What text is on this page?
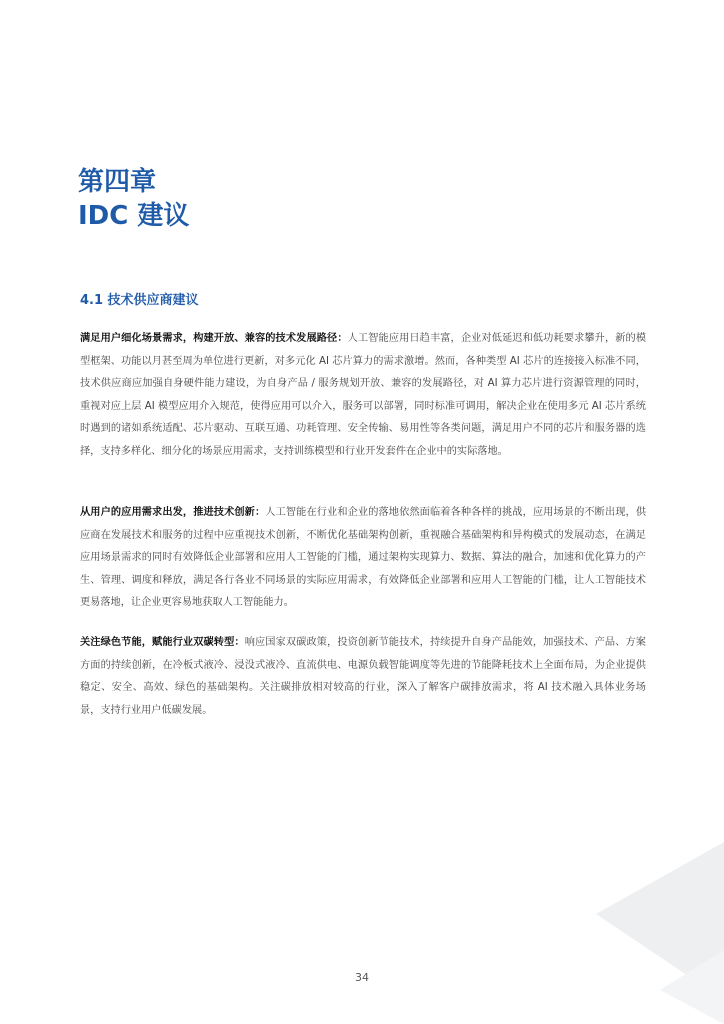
第四章
IDC 建议
4.1 技术供应商建议

满足用户细化场景需求，构建开放、兼容的技术发展路径：人工智能应用日趋丰富，企业对低延迟和低功耗要求攀升，新的模型框架、功能以月甚至周为单位进行更新，对多元化 AI 芯片算力的需求激增。然而，各种类型 AI 芯片的连接接入标准不同，技术供应商应加强自身硬件能力建设，为自身产品 / 服务规划开放、兼容的发展路径，对 AI 算力芯片进行资源管理的同时，重视对应上层 AI 模型应用介入规范，使得应用可以介入，服务可以部署，同时标准可调用，解决企业在使用多元 AI 芯片系统时遇到的诸如系统适配、芯片驱动、互联互通、功耗管理、安全传输、易用性等各类问题，满足用户不同的芯片和服务器的选择，支持多样化、细分化的场景应用需求，支持训练模型和行业开发套件在企业中的实际落地。

从用户的应用需求出发，推进技术创新：人工智能在行业和企业的落地依然面临着各种各样的挑战，应用场景的不断出现，供应商在发展技术和服务的过程中应重视技术创新，不断优化基础架构创新，重视融合基础架构和异构模式的发展动态，在满足应用场景需求的同时有效降低企业部署和应用人工智能的门槛，通过架构实现算力、数据、算法的融合，加速和优化算力的产生、管理、调度和释放，满足各行各业不同场景的实际应用需求，有效降低企业部署和应用人工智能的门槛，让人工智能技术更易落地，让企业更容易地获取人工智能能力。

关注绿色节能，赋能行业双碳转型：响应国家双碳政策，投资创新节能技术，持续提升自身产品能效，加强技术、产品、方案方面的持续创新，在冷板式液冷、浸没式液冷、直流供电、电源负载智能调度等先进的节能降耗技术上全面布局，为企业提供稳定、安全、高效、绿色的基础架构。关注碳排放相对较高的行业，深入了解客户碳排放需求，将 AI 技术融入具体业务场景，支持行业用户低碳发展。

34
